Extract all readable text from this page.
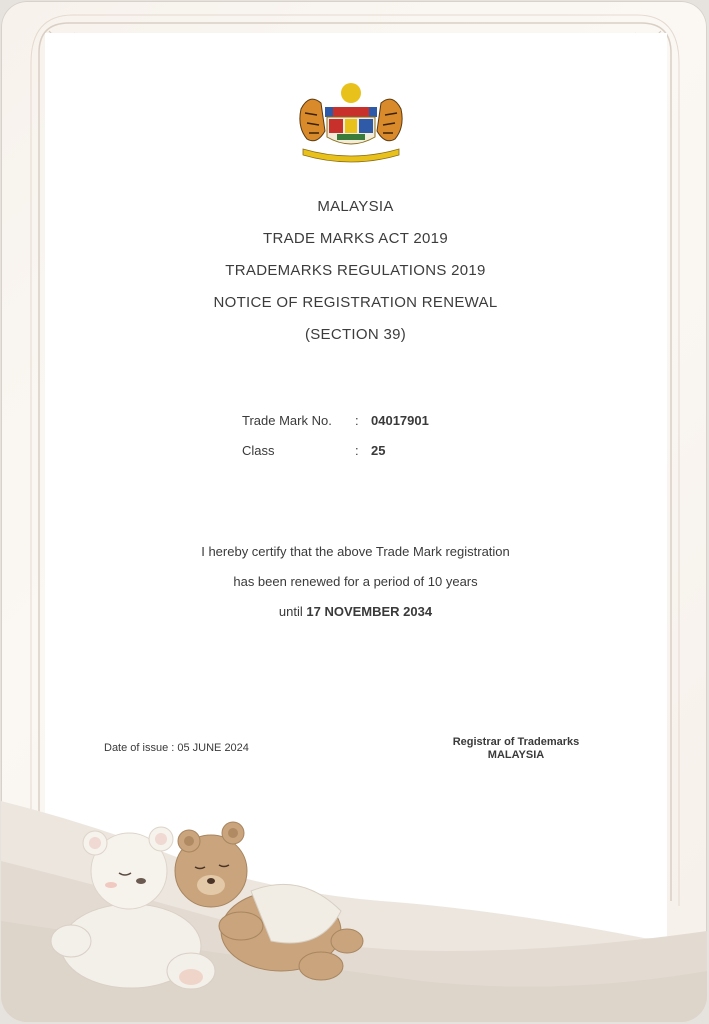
MALAYSIA
TRADE MARKS ACT 2019
TRADEMARKS REGULATIONS 2019
NOTICE OF REGISTRATION RENEWAL
(SECTION 39)
Trade Mark No. : 04017901
Class	: 25
I hereby certify that the above Trade Mark registration
has been renewed for a period of 10 years
until 17 NOVEMBER 2034
Date of issue : 05 JUNE 2024	Registrar of Trademarks
MALAYSIA
